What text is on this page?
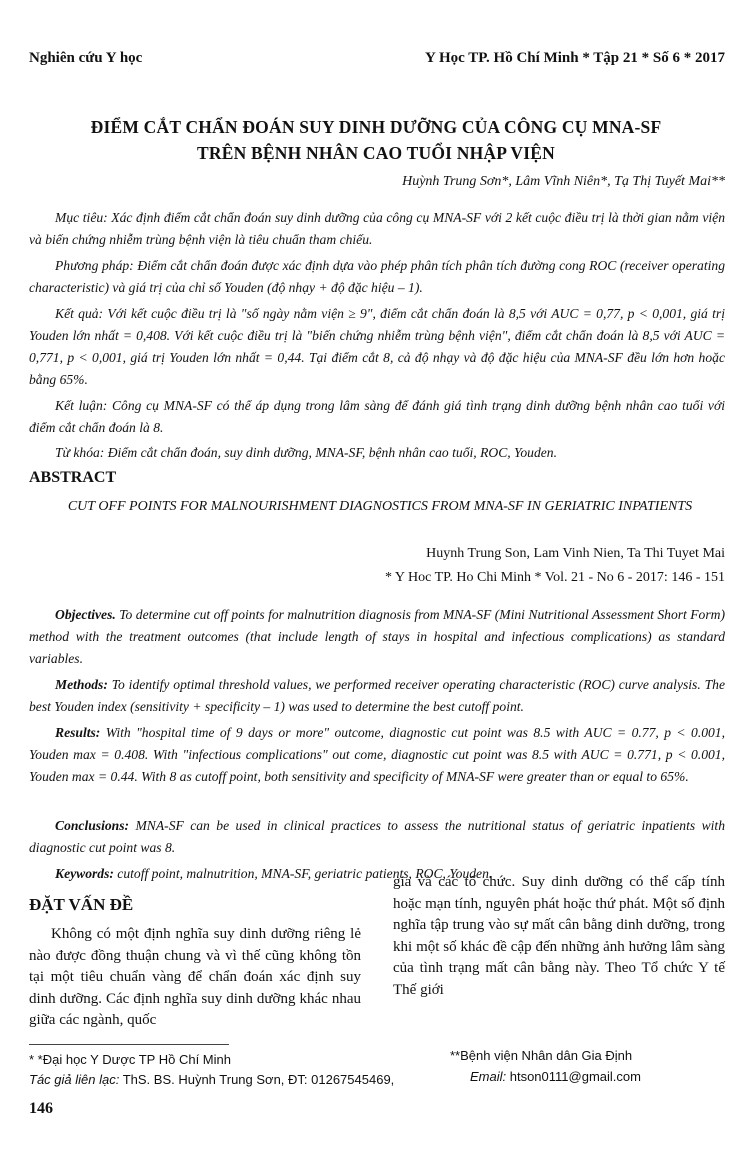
Nghiên cứu Y học	Y Học TP. Hồ Chí Minh * Tập 21 * Số 6 * 2017
ĐIỂM CẮT CHẨN ĐOÁN SUY DINH DƯỠNG CỦA CÔNG CỤ MNA-SF
TRÊN BỆNH NHÂN CAO TUỔI NHẬP VIỆN
Huỳnh Trung Sơn*, Lâm Vĩnh Niên*, Tạ Thị Tuyết Mai**
Mục tiêu: Xác định điểm cắt chẩn đoán suy dinh dưỡng của công cụ MNA-SF với 2 kết cuộc điều trị là thời gian nằm viện và biến chứng nhiễm trùng bệnh viện là tiêu chuẩn tham chiếu.
Phương pháp: Điểm cắt chẩn đoán được xác định dựa vào phép phân tích phân tích đường cong ROC (receiver operating characteristic) và giá trị của chỉ số Youden (độ nhạy + độ đặc hiệu – 1).
Kết quả: Với kết cuộc điều trị là "số ngày nằm viện ≥ 9", điểm cắt chẩn đoán là 8,5 với AUC = 0,77, p < 0,001, giá trị Youden lớn nhất = 0,408. Với kết cuộc điều trị là "biến chứng nhiễm trùng bệnh viện", điểm cắt chẩn đoán là 8,5 với AUC = 0,771, p < 0,001, giá trị Youden lớn nhất = 0,44. Tại điểm cắt 8, cả độ nhạy và độ đặc hiệu của MNA-SF đều lớn hơn hoặc bằng 65%.
Kết luận: Công cụ MNA-SF có thể áp dụng trong lâm sàng để đánh giá tình trạng dinh dưỡng bệnh nhân cao tuổi với điểm cắt chẩn đoán là 8.
Từ khóa: Điểm cắt chẩn đoán, suy dinh dưỡng, MNA-SF, bệnh nhân cao tuổi, ROC, Youden.
ABSTRACT
CUT OFF POINTS FOR MALNOURISHMENT DIAGNOSTICS FROM MNA-SF IN GERIATRIC INPATIENTS
Huynh Trung Son, Lam Vinh Nien, Ta Thi Tuyet Mai
* Y Hoc TP. Ho Chi Minh * Vol. 21 - No 6 - 2017: 146 - 151
Objectives. To determine cut off points for malnutrition diagnosis from MNA-SF (Mini Nutritional Assessment Short Form) method with the treatment outcomes (that include length of stays in hospital and infectious complications) as standard variables.
Methods: To identify optimal threshold values, we performed receiver operating characteristic (ROC) curve analysis. The best Youden index (sensitivity + specificity – 1) was used to determine the best cutoff point.
Results: With "hospital time of 9 days or more" outcome, diagnostic cut point was 8.5 with AUC = 0.77, p < 0.001, Youden max = 0.408. With "infectious complications" out come, diagnostic cut point was 8.5 with AUC = 0.771, p < 0.001, Youden max = 0.44. With 8 as cutoff point, both sensitivity and specificity of MNA-SF were greater than or equal to 65%.
Conclusions: MNA-SF can be used in clinical practices to assess the nutritional status of geriatric inpatients with diagnostic cut point was 8.
Keywords: cutoff point, malnutrition, MNA-SF, geriatric patients, ROC, Youden.
ĐẶT VẤN ĐỀ
Không có một định nghĩa suy dinh dưỡng riêng lẻ nào được đồng thuận chung và vì thế cũng không tồn tại một tiêu chuẩn vàng để chẩn đoán xác định suy dinh dưỡng. Các định nghĩa suy dinh dưỡng khác nhau giữa các ngành, quốc
gia và các tổ chức. Suy dinh dưỡng có thể cấp tính hoặc mạn tính, nguyên phát hoặc thứ phát. Một số định nghĩa tập trung vào sự mất cân bằng dinh dưỡng, trong khi một số khác đề cập đến những ảnh hưởng lâm sàng của tình trạng mất cân bằng này. Theo Tổ chức Y tế Thế giới
* *Đại học Y Dược TP Hồ Chí Minh	**Bệnh viện Nhân dân Gia Định
Tác giả liên lạc: ThS. BS. Huỳnh Trung Sơn, ĐT: 01267545469,	Email: htson0111@gmail.com
146
